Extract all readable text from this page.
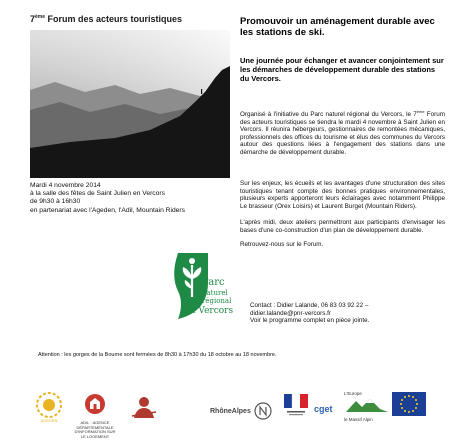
7ème Forum des acteurs touristiques	Promouvoir un aménagement durable avec les stations de ski.
Une journée pour échanger et avancer conjointement sur les démarches de développement durable des stations du Vercors.
Organisé à l'initiative du Parc naturel régional du Vercors, le 7ème Forum des acteurs touristiques se tiendra le mardi 4 novembre à Saint Julien en Vercors. Il réunira hébergeurs, gestionnaires de remontées mécaniques, professionnels des offices du tourisme et élus des communes du Vercors autour des questions liées à l'engagement des stations dans une démarche de développement durable.
Sur les enjeux, les écueils et les avantages d'une structuration des sites touristiques tenant compte des bonnes pratiques environnementales, plusieurs experts apporteront leurs éclairages avec notamment Philippe Le brasseur (Orex Loisirs) et Laurent Burget (Mountain Riders).
L'après midi, deux ateliers permettront aux participants d'envisager les bases d'une co-construction d'un plan de développement durable.
Retrouvez-nous sur le Forum.
Mardi 4 novembre 2014
à la salle des fêtes de Saint Julien en Vercors
de 9h30 à 16h30
en partenariat avec l'Ageden, l'Adil, Mountain Riders
Parc
naturel
régional
du Vercors
Contact : Didier Lalande, 06 83 03 92 22 –
didier.lalande@pnr-vercors.fr
Voir le programme complet en pièce jointe.
Attention : les gorges de la Bourne sont fermées de 8h30 à 17h30 du 18 octobre au 18 novembre.
AGEDEN	ADIL · AGENCE DÉPARTEMENTALE D'INFORMATION SUR LE LOGEMENT
RhôneAlpes	cget
L'Europe
le Massif Alpin
